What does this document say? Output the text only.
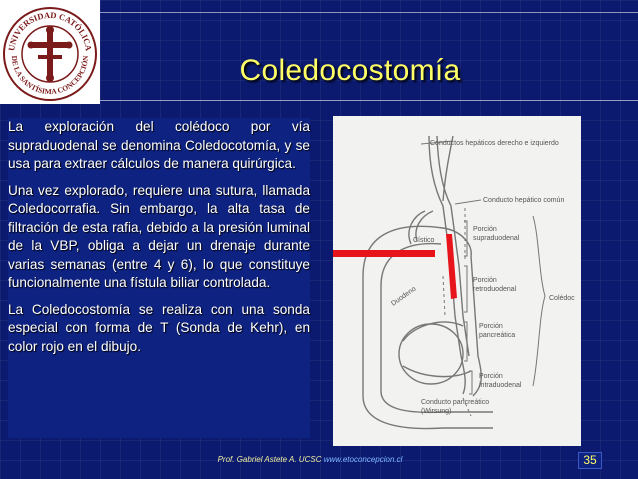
UNIVERSIDAD CATÓLICA
DE LA SANTÍSIMA CONCEPCIÓN	Coledocostomía

La exploración del colédoco por vía supraduodenal se denomina Coledocotomía, y se usa para extraer cálculos de manera quirúrgica.

Una vez explorado, requiere una sutura, llamada Coledocorrafia. Sin embargo, la alta tasa de filtración de esta rafia, debido a la presión luminal de la VBP, obliga a dejar un drenaje durante varias semanas (entre 4 y 6), lo que constituye funcionalmente una fístula biliar controlada.

La Coledocostomía se realiza con una sonda especial con forma de T (Sonda de Kehr), en color rojo en el dibujo.

Conductos hepáticos derecho e izquierdo
Conducto hepático común
Cístico
Porción
supraduodenal
Porción
retroduodenal
Colédoc
Duodeno
Porción
pancreática
Conducto pancreático
(Wirsung)
Porción
intraduodenal
Prof. Gabriel Astete A. UCSC www.etoconcepcion.cl	35
